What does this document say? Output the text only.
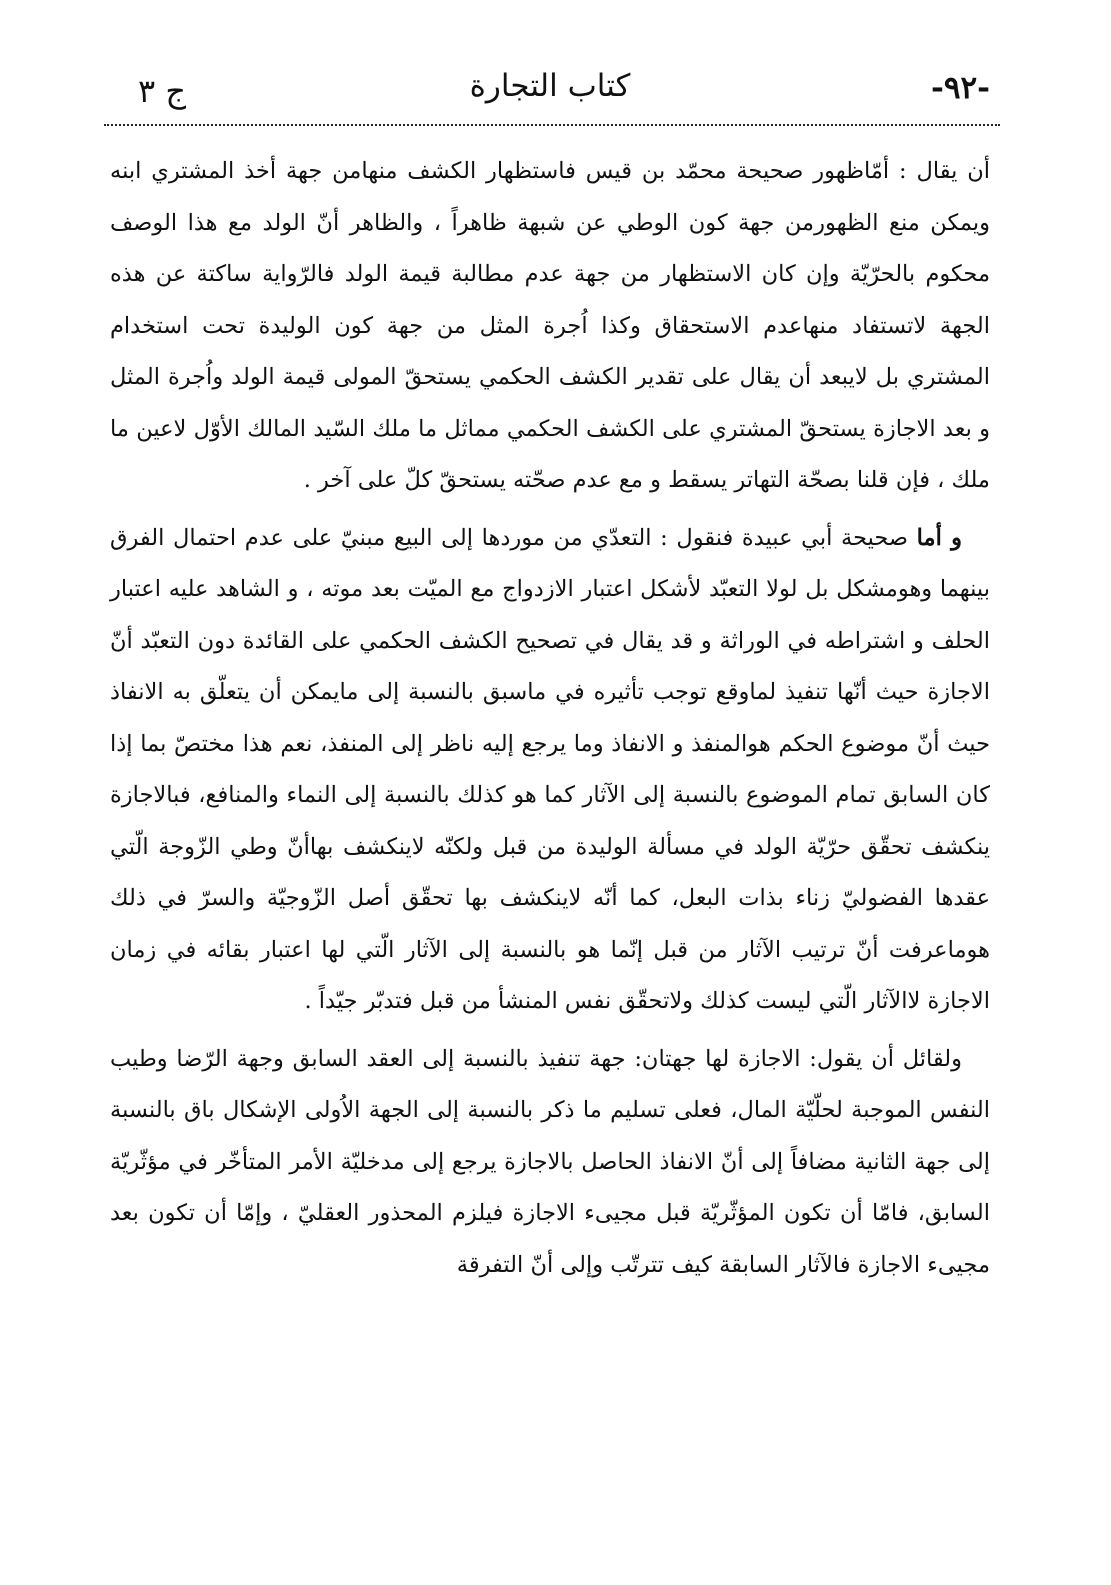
ج ٣	كتاب التجارة	-٩٢-

أن يقال : أمّاظهور صحيحة محمّد بن قيس فاستظهار الكشف منهامن جهة أخذ المشتري ابنه ويمكن منع الظهورمن جهة كون الوطي عن شبهة ظاهراً ، والظاهر أنّ الولد مع هذا الوصف محكوم بالحرّيّة وإن كان الاستظهار من جهة عدم مطالبة قيمة الولد فالرّواية ساكتة عن هذه الجهة لاتستفاد منهاعدم الاستحقاق وكذا اُجرة المثل من جهة كون الوليدة تحت استخدام المشتري بل لايبعد أن يقال على تقدير الكشف الحكمي يستحقّ المولى قيمة الولد واُجرة المثل و بعد الاجازة يستحقّ المشتري على الكشف الحكمي مماثل ما ملك السّيد المالك الأوّل لاعين ما ملك ، فإن قلنا بصحّة التهاتر يسقط و مع عدم صحّته يستحقّ كلّ على آخر .

و أما صحيحة أبي عبيدة فنقول : التعدّي من موردها إلى البيع مبنيّ على عدم احتمال الفرق بينهما وهومشكل بل لولا التعبّد لأشكل اعتبار الازدواج مع الميّت بعد موته ، و الشاهد عليه اعتبار الحلف و اشتراطه في الوراثة و قد يقال في تصحيح الكشف الحكمي على القائدة دون التعبّد أنّ الاجازة حيث أنّها تنفيذ لماوقع توجب تأثيره في ماسبق بالنسبة إلى مايمكن أن يتعلّق به الانفاذ حيث أنّ موضوع الحكم هوالمنفذ و الانفاذ وما يرجع إليه ناظر إلى المنفذ، نعم هذا مختصّ بما إذا كان السابق تمام الموضوع بالنسبة إلى الآثار كما هو كذلك بالنسبة إلى النماء والمنافع، فبالاجازة ينكشف تحقّق حرّيّة الولد في مسألة الوليدة من قبل ولكنّه لاينكشف بهاأنّ وطي الزّوجة الّتي عقدها الفضوليّ زناء بذات البعل، كما أنّه لاينكشف بها تحقّق أصل الزّوجيّة والسرّ في ذلك هوماعرفت أنّ ترتيب الآثار من قبل إنّما هو بالنسبة إلى الآثار الّتي لها اعتبار بقائه في زمان الاجازة لاالآثار الّتي ليست كذلك ولاتحقّق نفس المنشأ من قبل فتدبّر جيّداً .

ولقائل أن يقول: الاجازة لها جهتان: جهة تنفيذ بالنسبة إلى العقد السابق وجهة الرّضا وطيب النفس الموجبة لحلّيّة المال، فعلى تسليم ما ذكر بالنسبة إلى الجهة الاُولى الإشكال باق بالنسبة إلى جهة الثانية مضافاً إلى أنّ الانفاذ الحاصل بالاجازة يرجع إلى مدخليّة الأمر المتأخّر في مؤثّريّة السابق، فامّا أن تكون المؤثّريّة قبل مجيىء الاجازة فيلزم المحذور العقليّ ، وإمّا أن تكون بعد مجيىء الاجازة فالآثار السابقة كيف تترتّب وإلى أنّ التفرقة
